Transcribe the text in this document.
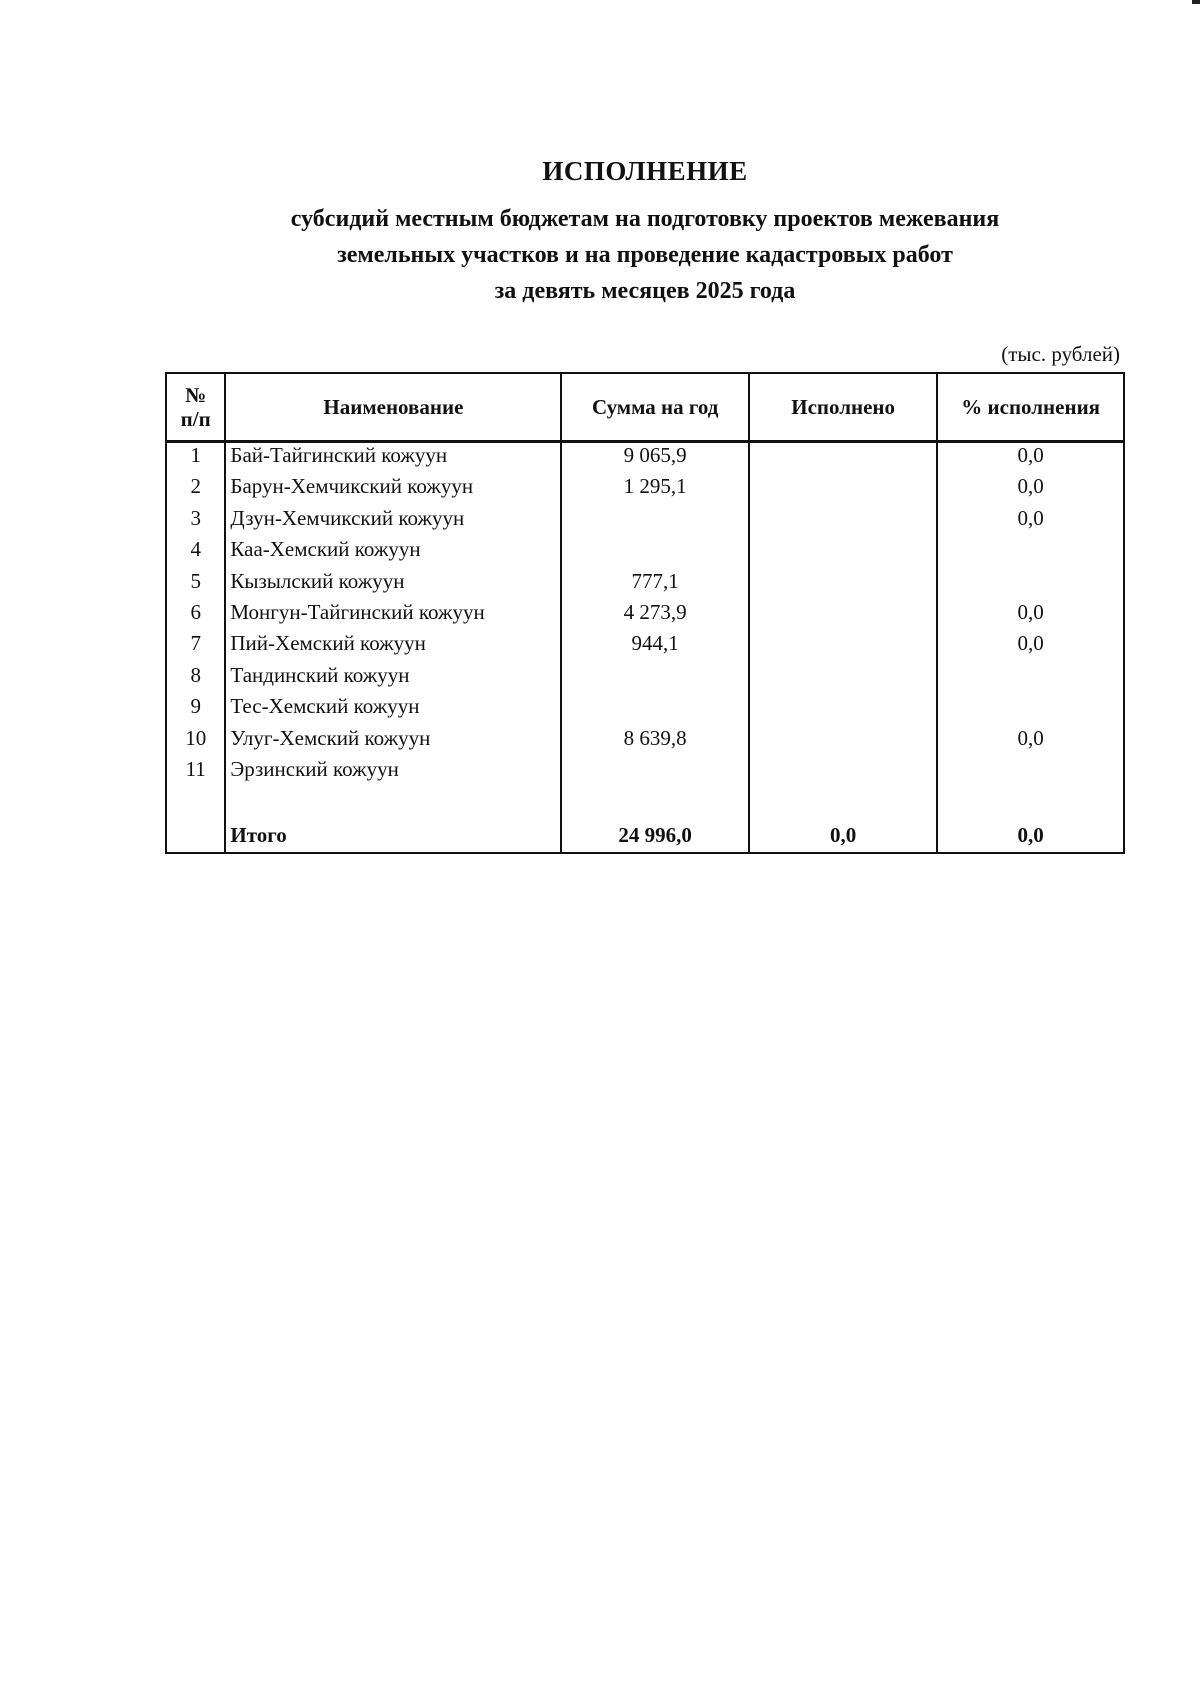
ИСПОЛНЕНИЕ
субсидий местным бюджетам на подготовку проектов межевания
земельных участков и на проведение кадастровых работ
за девять месяцев 2025 года
(тыс. рублей)
№
п/п	Наименование	Сумма на год	Исполнено	% исполнения
1	Бай-Тайгинский кожуун	9 065,9		0,0
2	Барун-Хемчикский кожуун	1 295,1		0,0
3	Дзун-Хемчикский кожуун			0,0
4	Каа-Хемский кожуун			
5	Кызылский кожуун	777,1		
6	Монгун-Тайгинский кожуун	4 273,9		0,0
7	Пий-Хемский кожуун	944,1		0,0
8	Тандинский кожуун			
9	Тес-Хемский кожуун			
10	Улуг-Хемский кожуун	8 639,8		0,0
11	Эрзинский кожуун			

	Итого	24 996,0	0,0	0,0
